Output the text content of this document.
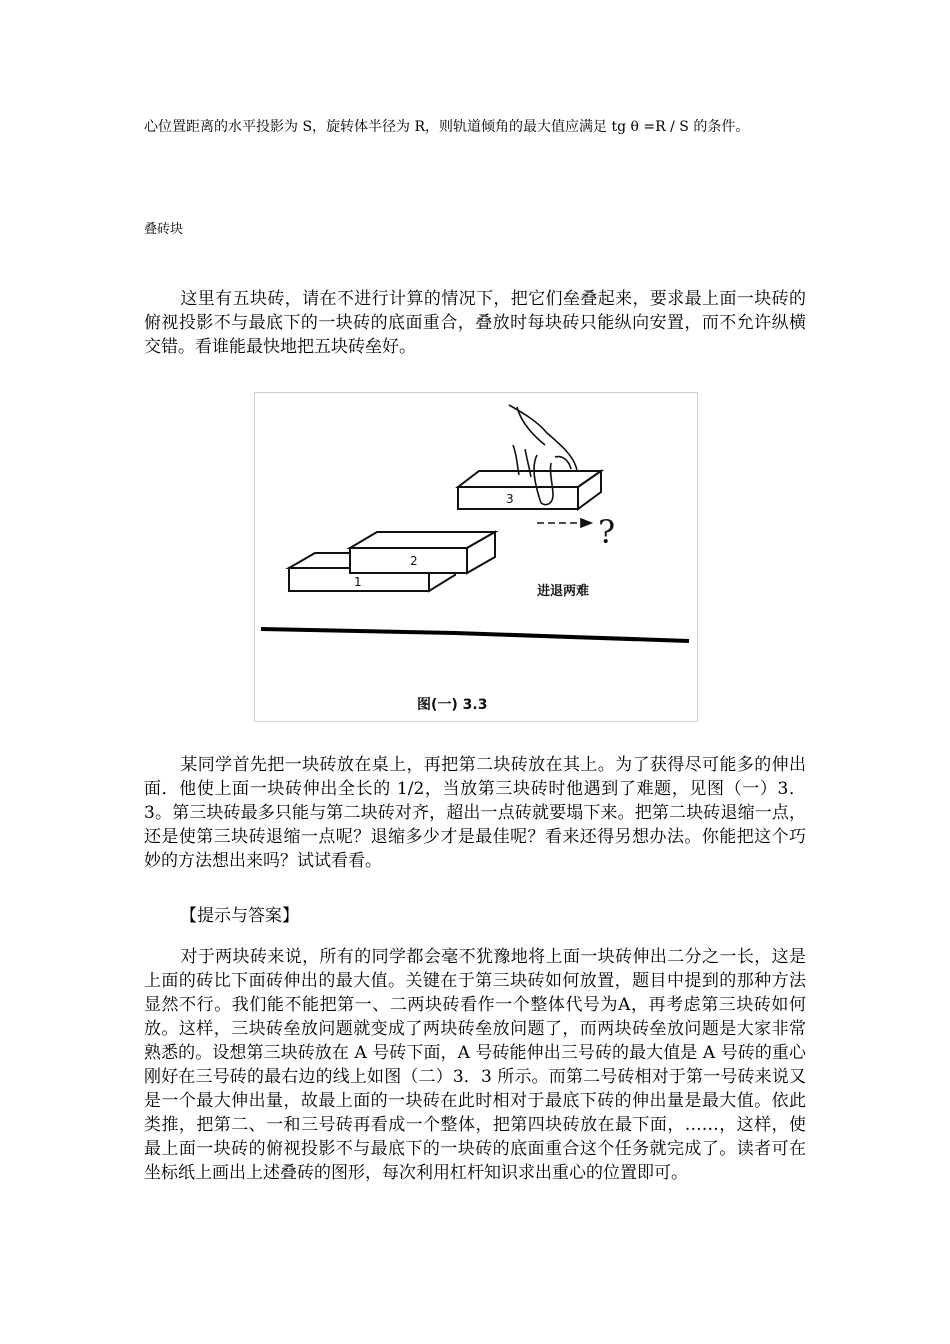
心位置距离的水平投影为 S，旋转体半径为 R，则轨道倾角的最大值应满足 tg θ =R / S 的条件。
叠砖块
这里有五块砖，请在不进行计算的情况下，把它们垒叠起来，要求最上面一块砖的俯视投影不与最底下的一块砖的底面重合，叠放时每块砖只能纵向安置，而不允许纵横交错。看谁能最快地把五块砖垒好。
?
1
2
3
进退两难
图(一) 3.3
某同学首先把一块砖放在桌上，再把第二块砖放在其上。为了获得尽可能多的伸出面．他使上面一块砖伸出全长的 1/2，当放第三块砖时他遇到了难题，见图（一）3．3。第三块砖最多只能与第二块砖对齐，超出一点砖就要塌下来。把第二块砖退缩一点，还是使第三块砖退缩一点呢？退缩多少才是最佳呢？看来还得另想办法。你能把这个巧妙的方法想出来吗？试试看看。
【提示与答案】
对于两块砖来说，所有的同学都会毫不犹豫地将上面一块砖伸出二分之一长，这是上面的砖比下面砖伸出的最大值。关键在于第三块砖如何放置，题目中提到的那种方法显然不行。我们能不能把第一、二两块砖看作一个整体代号为A，再考虑第三块砖如何放。这样，三块砖垒放问题就变成了两块砖垒放问题了，而两块砖垒放问题是大家非常熟悉的。设想第三块砖放在 A 号砖下面，A 号砖能伸出三号砖的最大值是 A 号砖的重心刚好在三号砖的最右边的线上如图（二）3．3 所示。而第二号砖相对于第一号砖来说又是一个最大伸出量，故最上面的一块砖在此时相对于最底下砖的伸出量是最大值。依此类推，把第二、一和三号砖再看成一个整体，把第四块砖放在最下面，……，这样，使最上面一块砖的俯视投影不与最底下的一块砖的底面重合这个任务就完成了。读者可在坐标纸上画出上述叠砖的图形，每次利用杠杆知识求出重心的位置即可。
